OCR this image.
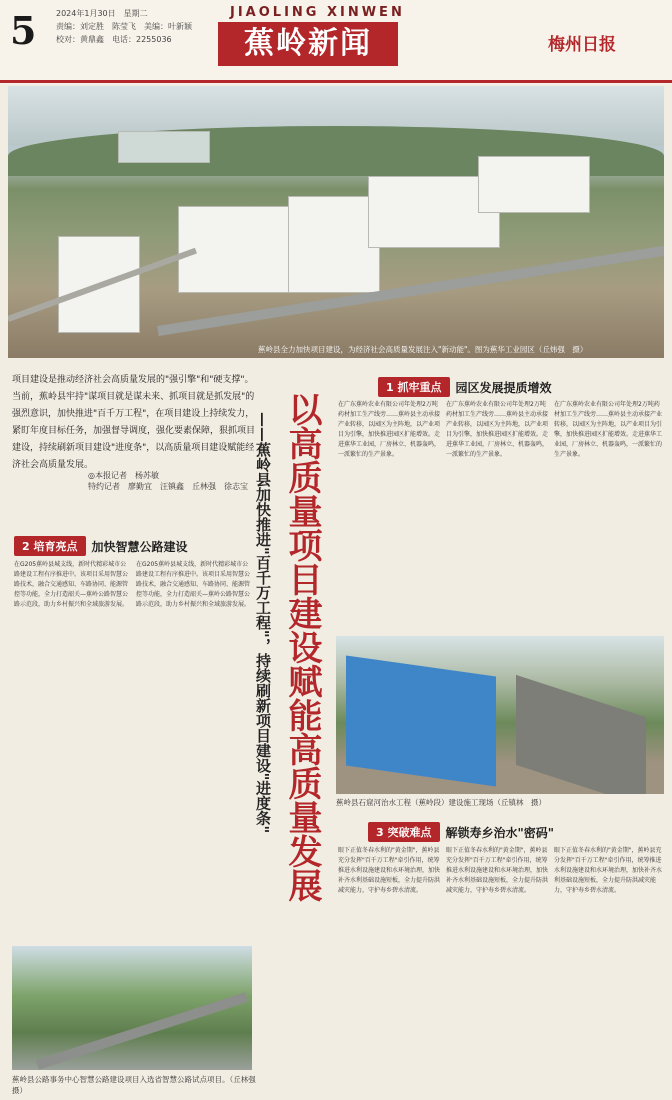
5 2024年1月30日　星期二
责编：刘定胜　陈莹飞　美编：叶新颖
校对：黄鼎鑫　电话：2255036
JIAOLING XINWEN
蕉岭新闻	梅州日报
蕉岭县全力加快项目建设，为经济社会高质量发展注入"新动能"。图为蕉华工业园区（丘炜强　摄）
项目建设是推动经济社会高质量发展的"强引擎"和"硬支撑"。当前，蕉岭县牢持"谋项目就是谋未来、抓项目就是抓发展"的强烈意识，加快推进"百千万工程"，在项目建设上持续发力，紧盯年度目标任务，加强督导调度，强化要素保障，狠抓项目建设，持续刷新项目建设"进度条"，以高质量项目建设赋能经济社会高质量发展。
◎本报记者　杨苏敏
特约记者　廖勤宜　汪镇鑫　丘林强　徐志宝
2 培育亮点	加快智慧公路建设
在G205蕉岭县城支线，新时代精彩城市公路建设工程有序推进中。该项目采用智慧公路技术，融合交通感知、车路协同、能源管控等功能，全力打造韶关—蕉岭公路智慧公路示范段，助力乡村振兴和全域旅游发展。
在G205蕉岭县城支线，新时代精彩城市公路建设工程有序推进中。该项目采用智慧公路技术，融合交通感知、车路协同、能源管控等功能，全力打造韶关—蕉岭公路智慧公路示范段，助力乡村振兴和全域旅游发展。
蕉岭县公路事务中心智慧公路建设项目入选省智慧公路试点项目。（丘林强　摄）
——蕉岭县加快推进"百千万工程"，持续刷新项目建设"进度条" 以高质量项目建设赋能高质量发展
1 抓牢重点	园区发展提质增效
在广东蕉岭农业有限公司年处理2万吨药材加工生产线旁……蕉岭县主动承接产业转移，以园区为主阵地，以产业项目为引擎，加快推进园区扩能增效。走进蕉华工业园，厂房林立、机器轰鸣，一派繁忙的生产景象。
在广东蕉岭农业有限公司年处理2万吨药材加工生产线旁……蕉岭县主动承接产业转移，以园区为主阵地，以产业项目为引擎，加快推进园区扩能增效。走进蕉华工业园，厂房林立、机器轰鸣，一派繁忙的生产景象。
在广东蕉岭农业有限公司年处理2万吨药材加工生产线旁……蕉岭县主动承接产业转移，以园区为主阵地，以产业项目为引擎，加快推进园区扩能增效。走进蕉华工业园，厂房林立、机器轰鸣，一派繁忙的生产景象。
蕉岭县石窟河治水工程（蕉岭段）建设施工现场（丘镇林　摄）
3 突破难点	解锁寿乡治水"密码"
眼下正值冬春水利的"黄金期"，蕉岭县充分发挥"百千万工程"牵引作用，统筹推进水利设施建设和水环境治理，加快补齐水利基础设施短板，全力提升防洪减灾能力，守护寿乡碧水清流。
眼下正值冬春水利的"黄金期"，蕉岭县充分发挥"百千万工程"牵引作用，统筹推进水利设施建设和水环境治理，加快补齐水利基础设施短板，全力提升防洪减灾能力，守护寿乡碧水清流。
眼下正值冬春水利的"黄金期"，蕉岭县充分发挥"百千万工程"牵引作用，统筹推进水利设施建设和水环境治理，加快补齐水利基础设施短板，全力提升防洪减灾能力，守护寿乡碧水清流。
